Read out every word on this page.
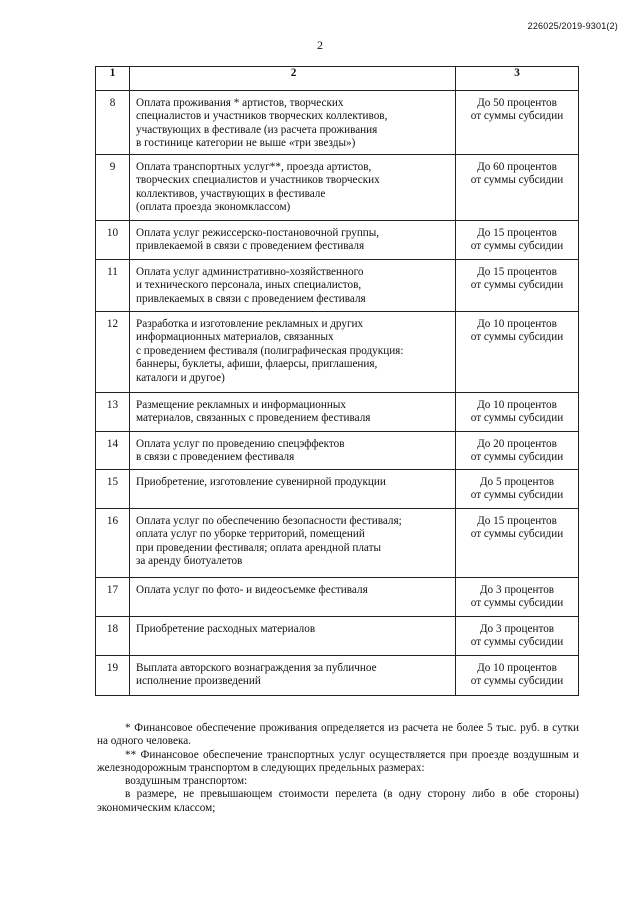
226025/2019-9301(2)
2
1	2	3
8	Оплата проживания * артистов, творческих
специалистов и участников творческих коллективов,
участвующих в фестивале (из расчета проживания
в гостинице категории не выше «три звезды»)	До 50 процентов
от суммы субсидии

9	Оплата транспортных услуг**, проезда артистов,
творческих специалистов и участников творческих
коллективов, участвующих в фестивале
(оплата проезда экономклассом)	До 60 процентов
от суммы субсидии

10	Оплата услуг режиссерско-постановочной группы,
привлекаемой в связи с проведением фестиваля	До 15 процентов
от суммы субсидии

11	Оплата услуг административно-хозяйственного
и технического персонала, иных специалистов,
привлекаемых в связи с проведением фестиваля	До 15 процентов
от суммы субсидии

12	Разработка и изготовление рекламных и других
информационных материалов, связанных
с проведением фестиваля (полиграфическая продукция:
баннеры, буклеты, афиши, флаерсы, приглашения,
каталоги и другое)	До 10 процентов
от суммы субсидии

13	Размещение рекламных и информационных
материалов, связанных с проведением фестиваля	До 10 процентов
от суммы субсидии

14	Оплата услуг по проведению спецэффектов
в связи с проведением фестиваля	До 20 процентов
от суммы субсидии

15	Приобретение, изготовление сувенирной продукции	До 5 процентов
от суммы субсидии

16	Оплата услуг по обеспечению безопасности фестиваля;
оплата услуг по уборке территорий, помещений
при проведении фестиваля; оплата арендной платы
за аренду биотуалетов	До 15 процентов
от суммы субсидии

17	Оплата услуг по фото- и видеосъемке фестиваля	До 3 процентов
от суммы субсидии

18	Приобретение расходных материалов	До 3 процентов
от суммы субсидии

19	Выплата авторского вознаграждения за публичное
исполнение произведений	До 10 процентов
от суммы субсидии

* Финансовое обеспечение проживания определяется из расчета не более 5 тыс. руб. в сутки на одного человека.

** Финансовое обеспечение транспортных услуг осуществляется при проезде воздушным и железнодорожным транспортом в следующих предельных размерах:

воздушным транспортом:

в размере, не превышающем стоимости перелета (в одну сторону либо в обе стороны) экономическим классом;
